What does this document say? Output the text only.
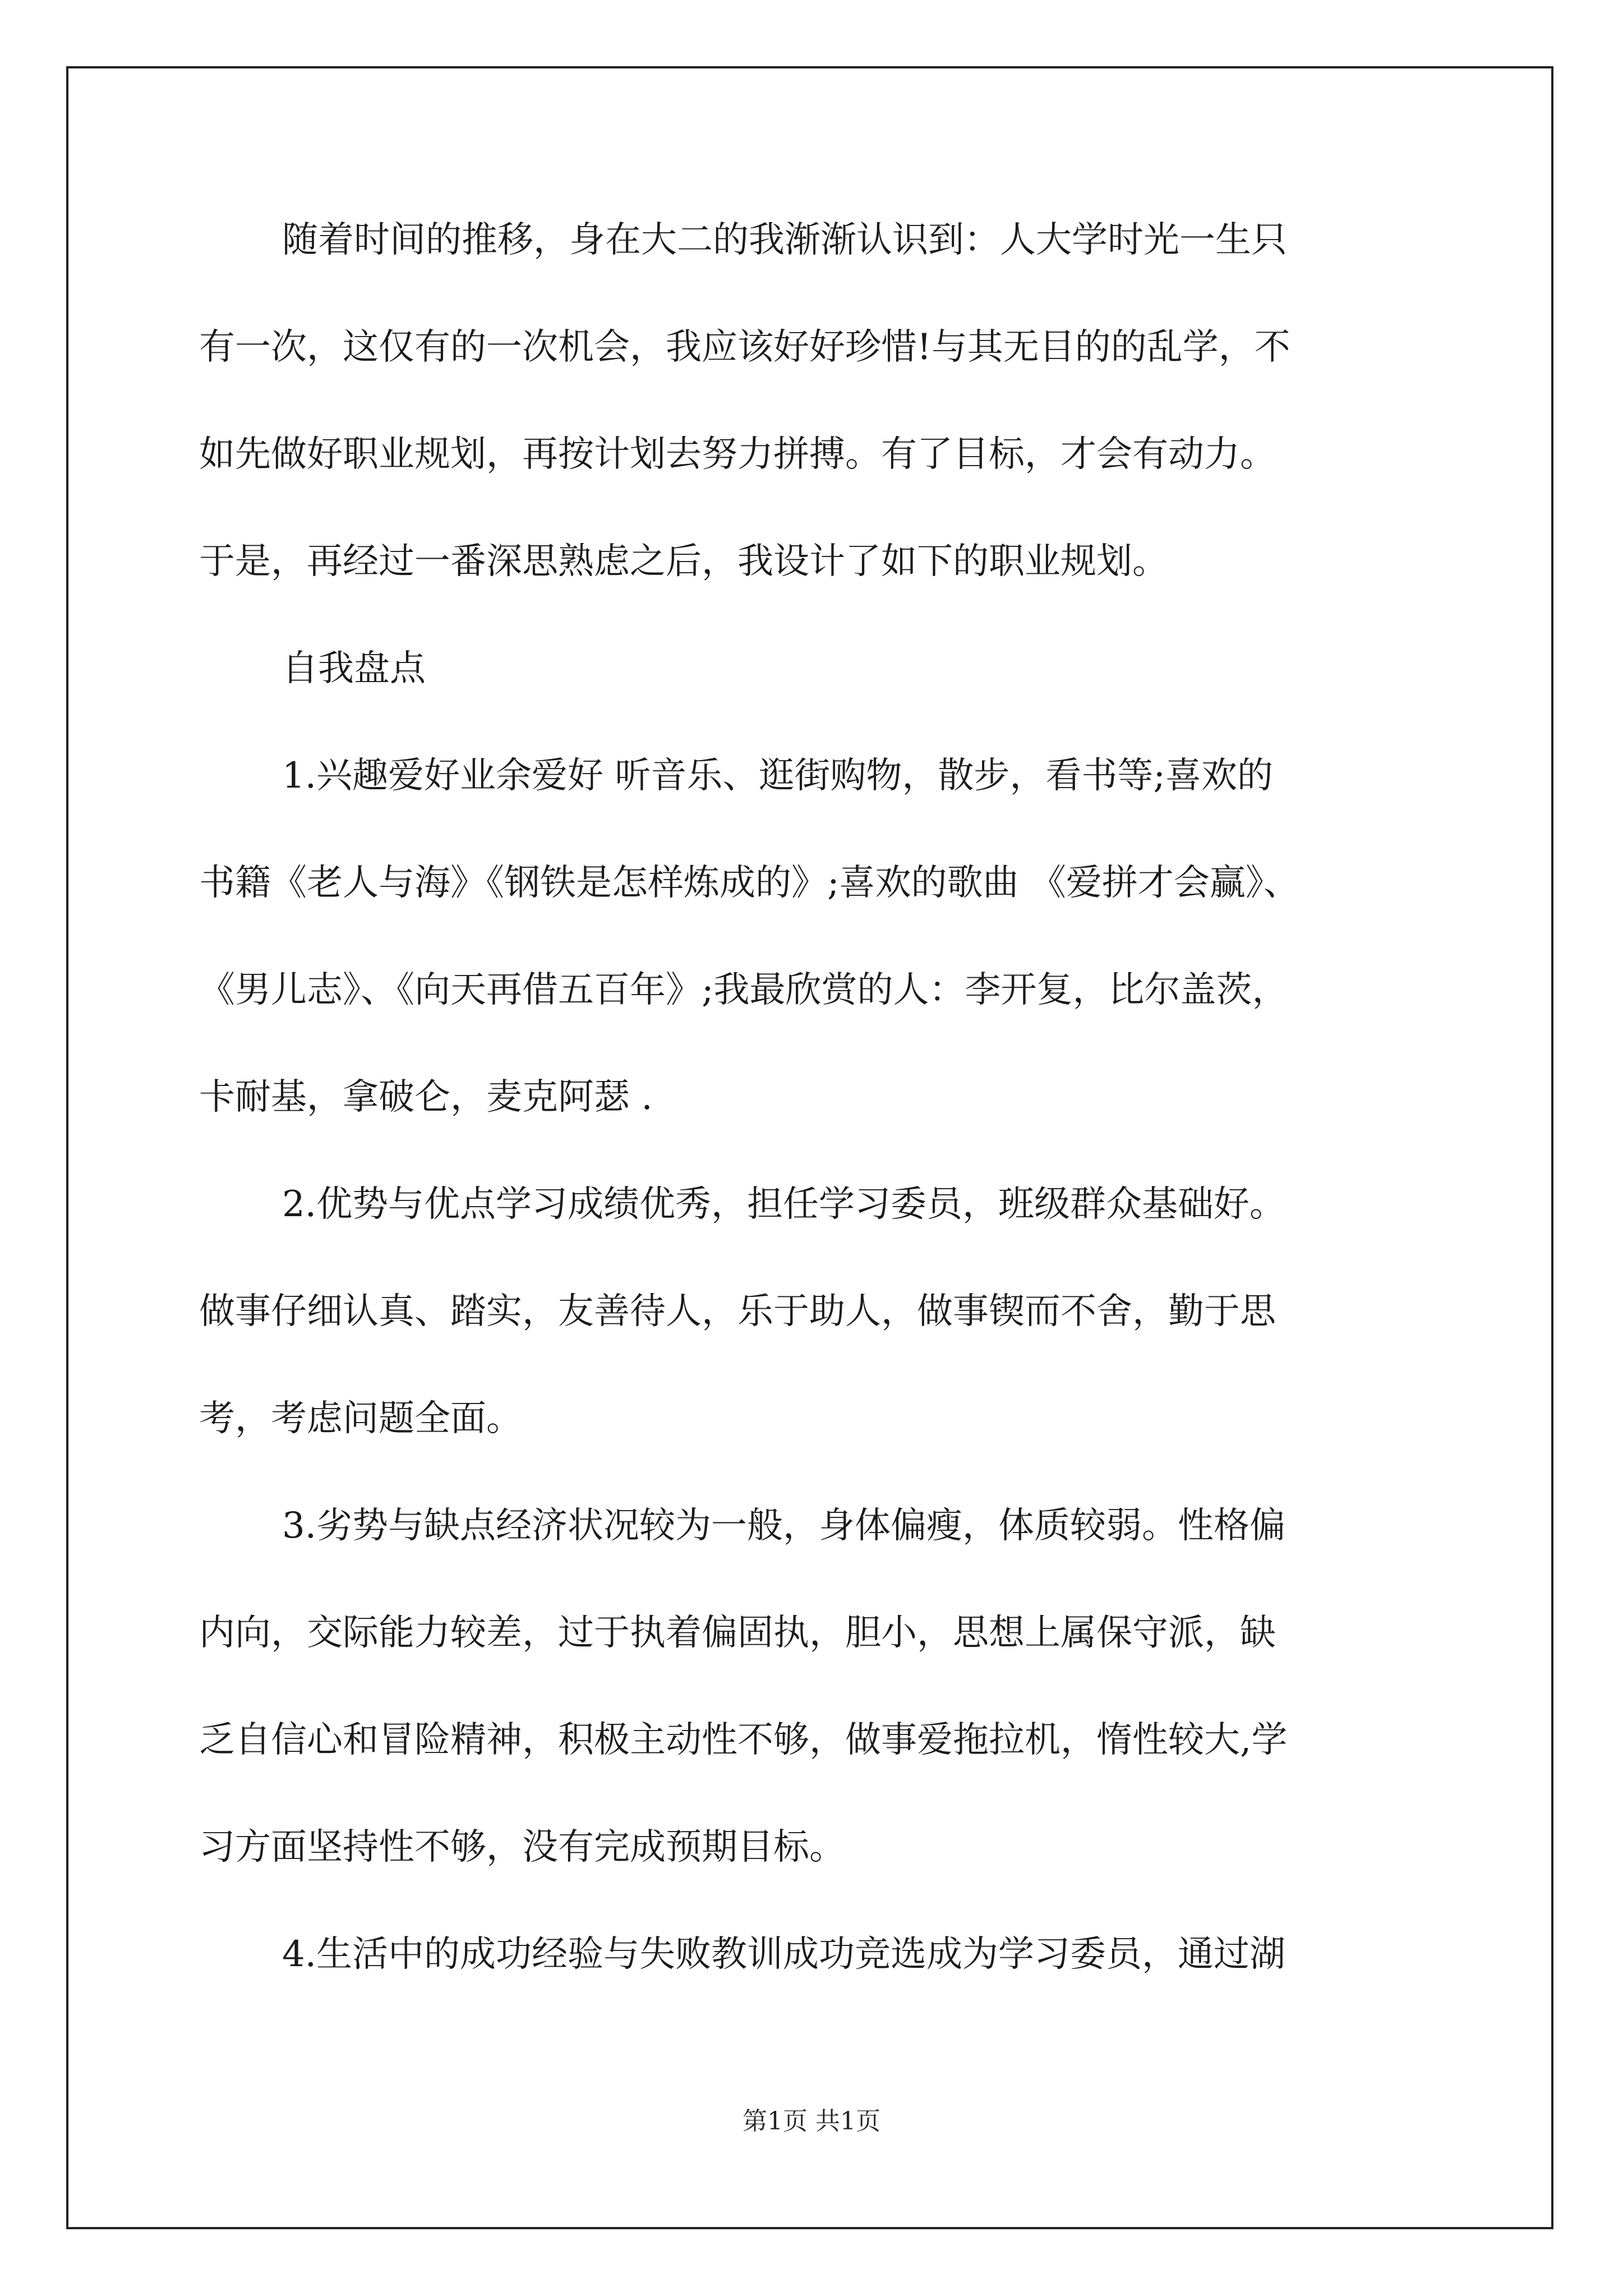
随着时间的推移，身在大二的我渐渐认识到：人大学时光一生只
有一次，这仅有的一次机会，我应该好好珍惜!与其无目的的乱学，不
如先做好职业规划，再按计划去努力拼搏。有了目标，才会有动力。
于是，再经过一番深思熟虑之后，我设计了如下的职业规划。
自我盘点
1.兴趣爱好业余爱好 听音乐、逛街购物，散步，看书等;喜欢的
书籍《老人与海》《钢铁是怎样炼成的》;喜欢的歌曲 《爱拼才会赢》、
《男儿志》、《向天再借五百年》;我最欣赏的人：李开复，比尔盖茨，
卡耐基，拿破仑，麦克阿瑟 .
2.优势与优点学习成绩优秀，担任学习委员，班级群众基础好。
做事仔细认真、踏实，友善待人，乐于助人，做事锲而不舍，勤于思
考，考虑问题全面。
3.劣势与缺点经济状况较为一般，身体偏瘦，体质较弱。性格偏
内向，交际能力较差，过于执着偏固执，胆小，思想上属保守派，缺
乏自信心和冒险精神，积极主动性不够，做事爱拖拉机，惰性较大,学
习方面坚持性不够，没有完成预期目标。
4.生活中的成功经验与失败教训成功竞选成为学习委员，通过湖
第1页 共1页
